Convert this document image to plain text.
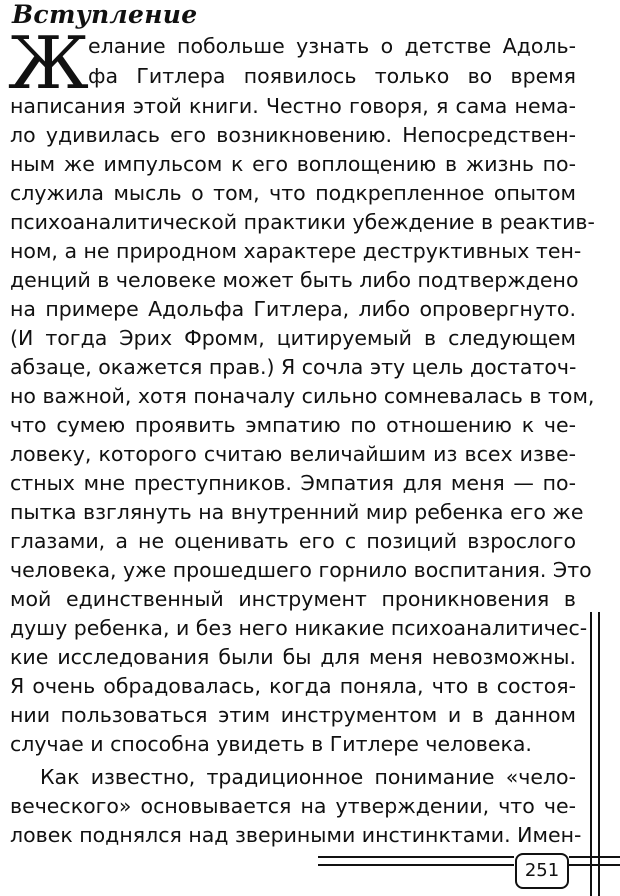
Вступление
Ж елание побольше узнать о детстве Адоль-
фа Гитлера появилось только во время
написания этой книги. Честно говоря, я сама нема-
ло удивилась его возникновению. Непосредствен-
ным же импульсом к его воплощению в жизнь по-
служила мысль о том, что подкрепленное опытом
психоаналитической практики убеждение в реактив-
ном, а не природном характере деструктивных тен-
денций в человеке может быть либо подтверждено
на примере Адольфа Гитлера, либо опровергнуто.
(И тогда Эрих Фромм, цитируемый в следующем
абзаце, окажется прав.) Я сочла эту цель достаточ-
но важной, хотя поначалу сильно сомневалась в том,
что сумею проявить эмпатию по отношению к че-
ловеку, которого считаю величайшим из всех изве-
стных мне преступников. Эмпатия для меня — по-
пытка взглянуть на внутренний мир ребенка его же
глазами, а не оценивать его с позиций взрослого
человека, уже прошедшего горнило воспитания. Это
мой единственный инструмент проникновения в
душу ребенка, и без него никакие психоаналитичес-
кие исследования были бы для меня невозможны.
Я очень обрадовалась, когда поняла, что в состоя-
нии пользоваться этим инструментом и в данном
случае и способна увидеть в Гитлере человека.
Как известно, традиционное понимание «чело-
веческого» основывается на утверждении, что че-
ловек поднялся над звериными инстинктами. Имен-
251
